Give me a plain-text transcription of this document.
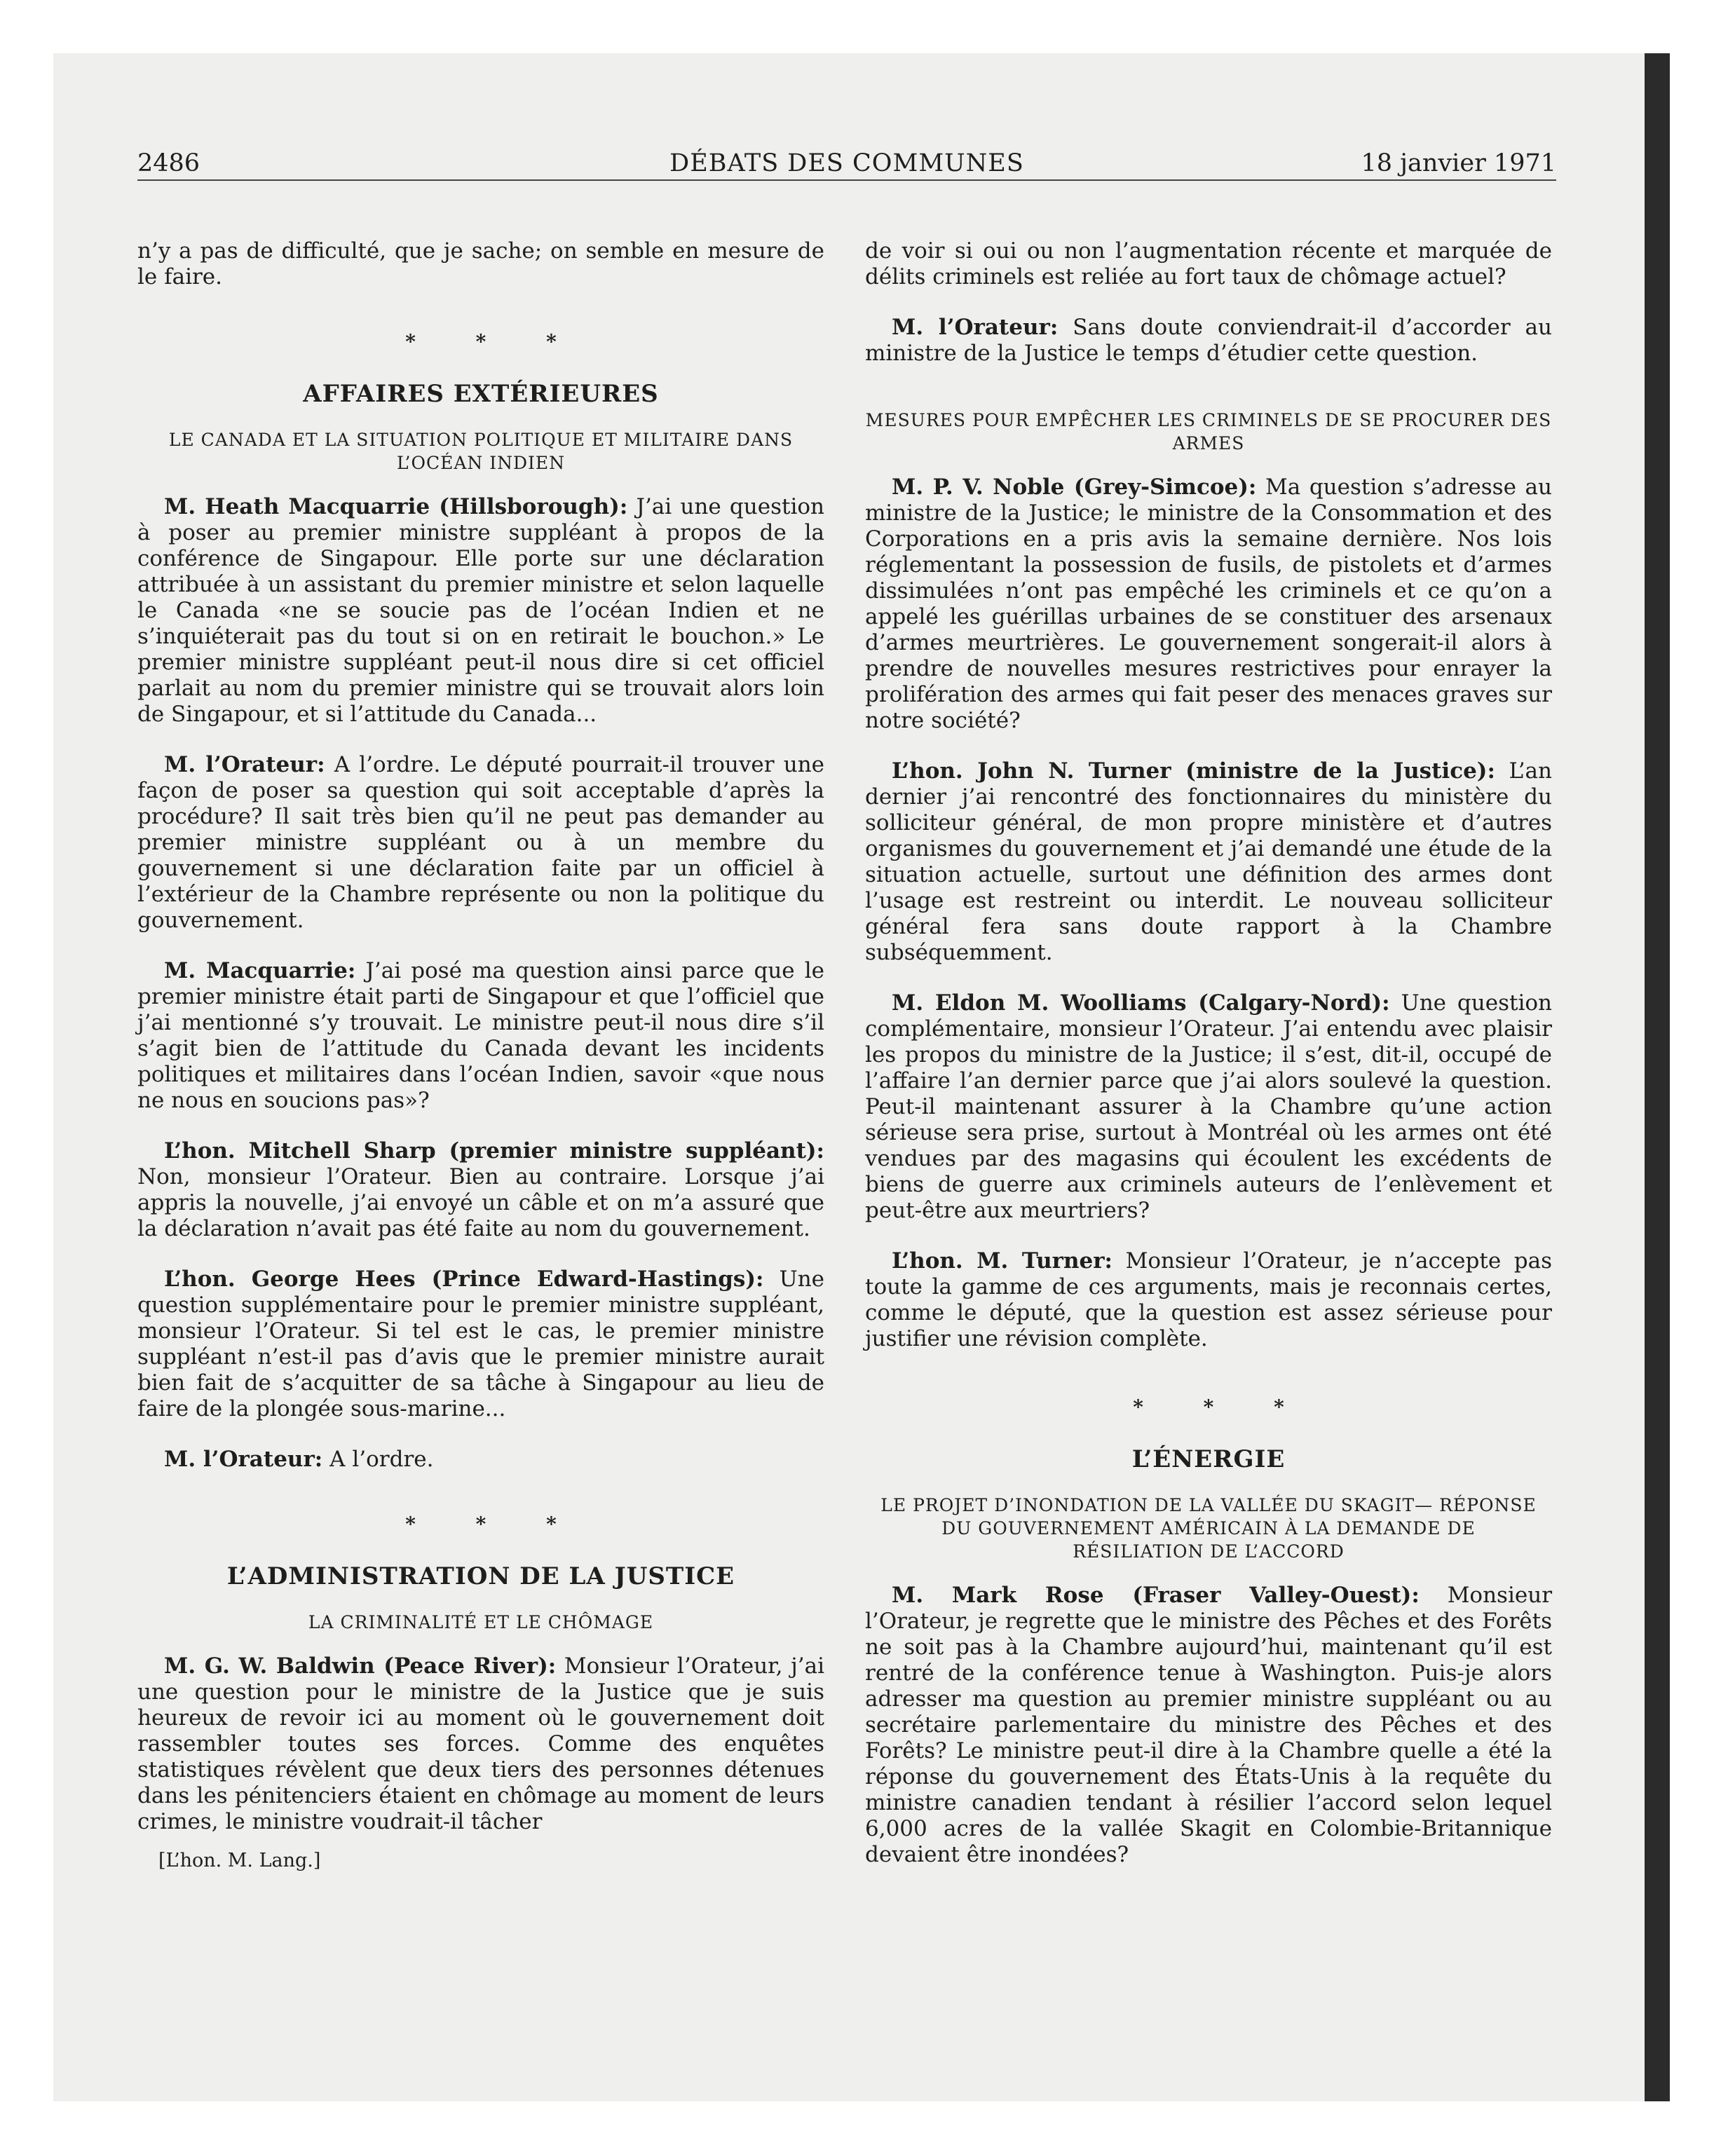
2486	DÉBATS DES COMMUNES	18 janvier 1971

n’y a pas de difficulté, que je sache; on semble en mesure de le faire.

* * *
AFFAIRES EXTÉRIEURES
LE CANADA ET LA SITUATION POLITIQUE ET MILITAIRE DANS L’OCÉAN INDIEN

M. Heath Macquarrie (Hillsborough): J’ai une question à poser au premier ministre suppléant à propos de la conférence de Singapour. Elle porte sur une déclaration attribuée à un assistant du premier ministre et selon laquelle le Canada «ne se soucie pas de l’océan Indien et ne s’inquiéterait pas du tout si on en retirait le bouchon.» Le premier ministre suppléant peut-il nous dire si cet officiel parlait au nom du premier ministre qui se trouvait alors loin de Singapour, et si l’attitude du Canada...

M. l’Orateur: A l’ordre. Le député pourrait-il trouver une façon de poser sa question qui soit acceptable d’après la procédure? Il sait très bien qu’il ne peut pas demander au premier ministre suppléant ou à un membre du gouvernement si une déclaration faite par un officiel à l’extérieur de la Chambre représente ou non la politique du gouvernement.

M. Macquarrie: J’ai posé ma question ainsi parce que le premier ministre était parti de Singapour et que l’officiel que j’ai mentionné s’y trouvait. Le ministre peut-il nous dire s’il s’agit bien de l’attitude du Canada devant les incidents politiques et militaires dans l’océan Indien, savoir «que nous ne nous en soucions pas»?

L’hon. Mitchell Sharp (premier ministre suppléant): Non, monsieur l’Orateur. Bien au contraire. Lorsque j’ai appris la nouvelle, j’ai envoyé un câble et on m’a assuré que la déclaration n’avait pas été faite au nom du gouvernement.

L’hon. George Hees (Prince Edward-Hastings): Une question supplémentaire pour le premier ministre suppléant, monsieur l’Orateur. Si tel est le cas, le premier ministre suppléant n’est-il pas d’avis que le premier ministre aurait bien fait de s’acquitter de sa tâche à Singapour au lieu de faire de la plongée sous-marine...

M. l’Orateur: A l’ordre.

* * *
L’ADMINISTRATION DE LA JUSTICE
LA CRIMINALITÉ ET LE CHÔMAGE

M. G. W. Baldwin (Peace River): Monsieur l’Orateur, j’ai une question pour le ministre de la Justice que je suis heureux de revoir ici au moment où le gouvernement doit rassembler toutes ses forces. Comme des enquêtes statistiques révèlent que deux tiers des personnes détenues dans les pénitenciers étaient en chômage au moment de leurs crimes, le ministre voudrait-il tâcher

[L’hon. M. Lang.]

de voir si oui ou non l’augmentation récente et marquée de délits criminels est reliée au fort taux de chômage actuel?

M. l’Orateur: Sans doute conviendrait-il d’accorder au ministre de la Justice le temps d’étudier cette question.

MESURES POUR EMPÊCHER LES CRIMINELS DE SE PROCURER DES ARMES

M. P. V. Noble (Grey-Simcoe): Ma question s’adresse au ministre de la Justice; le ministre de la Consommation et des Corporations en a pris avis la semaine dernière. Nos lois réglementant la possession de fusils, de pistolets et d’armes dissimulées n’ont pas empêché les criminels et ce qu’on a appelé les guérillas urbaines de se constituer des arsenaux d’armes meurtrières. Le gouvernement songerait-il alors à prendre de nouvelles mesures restrictives pour enrayer la prolifération des armes qui fait peser des menaces graves sur notre société?

L’hon. John N. Turner (ministre de la Justice): L’an dernier j’ai rencontré des fonctionnaires du ministère du solliciteur général, de mon propre ministère et d’autres organismes du gouvernement et j’ai demandé une étude de la situation actuelle, surtout une définition des armes dont l’usage est restreint ou interdit. Le nouveau solliciteur général fera sans doute rapport à la Chambre subséquemment.

M. Eldon M. Woolliams (Calgary-Nord): Une question complémentaire, monsieur l’Orateur. J’ai entendu avec plaisir les propos du ministre de la Justice; il s’est, dit-il, occupé de l’affaire l’an dernier parce que j’ai alors soulevé la question. Peut-il maintenant assurer à la Chambre qu’une action sérieuse sera prise, surtout à Montréal où les armes ont été vendues par des magasins qui écoulent les excédents de biens de guerre aux criminels auteurs de l’enlèvement et peut-être aux meurtriers?

L’hon. M. Turner: Monsieur l’Orateur, je n’accepte pas toute la gamme de ces arguments, mais je reconnais certes, comme le député, que la question est assez sérieuse pour justifier une révision complète.

* * *
L’ÉNERGIE
LE PROJET D’INONDATION DE LA VALLÉE DU SKAGIT— RÉPONSE DU GOUVERNEMENT AMÉRICAIN À LA DEMANDE DE RÉSILIATION DE L’ACCORD

M. Mark Rose (Fraser Valley-Ouest): Monsieur l’Orateur, je regrette que le ministre des Pêches et des Forêts ne soit pas à la Chambre aujourd’hui, maintenant qu’il est rentré de la conférence tenue à Washington. Puis-je alors adresser ma question au premier ministre suppléant ou au secrétaire parlementaire du ministre des Pêches et des Forêts? Le ministre peut-il dire à la Chambre quelle a été la réponse du gouvernement des États-Unis à la requête du ministre canadien tendant à résilier l’accord selon lequel 6,000 acres de la vallée Skagit en Colombie-Britannique devaient être inondées?
